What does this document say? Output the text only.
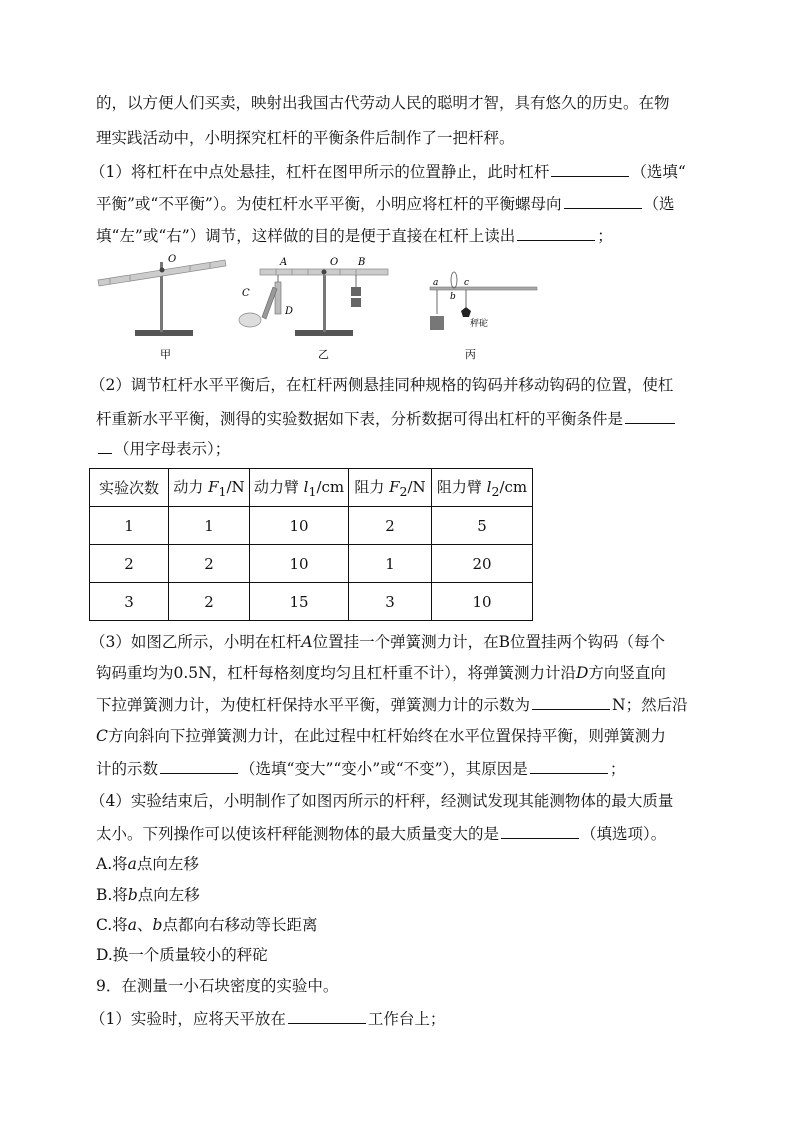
的，以方便人们买卖，映射出我国古代劳动人民的聪明才智，具有悠久的历史。在物
理实践活动中，小明探究杠杆的平衡条件后制作了一把杆秤。
（1）将杠杆在中点处悬挂，杠杆在图甲所示的位置静止，此时杠杆	（选填“
平衡”或“不平衡”）。为使杠杆水平平衡，小明应将杠杆的平衡螺母向	（选
填“左”或“右”）调节，这样做的目的是便于直接在杠杆上读出	；
O
甲
A	O B
C
D
乙
a
b
c
秤砣
丙
（2）调节杠杆水平平衡后，在杠杆两侧悬挂同种规格的钩码并移动钩码的位置，使杠
杆重新水平平衡，测得的实验数据如下表，分析数据可得出杠杆的平衡条件是
（用字母表示）；
实验次数	动力 $F_1/N$	动力臂 $l_1/cm$	阻力 $F_2/N$	阻力臂 $l_2/cm$
1	1	10	2	5
2	2	10	1	20
3	2	15	3	10
（3）如图乙所示，小明在杠杆A位置挂一个弹簧测力计，在B位置挂两个钩码（每个
钩码重均为0.5N，杠杆每格刻度均匀且杠杆重不计），将弹簧测力计沿D方向竖直向
下拉弹簧测力计，为使杠杆保持水平平衡，弹簧测力计的示数为	N；然后沿
C方向斜向下拉弹簧测力计，在此过程中杠杆始终在水平位置保持平衡，则弹簧测力
计的示数	（选填“变大”“变小”或“不变”），其原因是	；
（4）实验结束后，小明制作了如图丙所示的杆秤，经测试发现其能测物体的最大质量
太小。下列操作可以使该杆秤能测物体的最大质量变大的是	（填选项）。
A.将a点向左移
B.将b点向左移
C.将a、b点都向右移动等长距离
D.换一个质量较小的秤砣
9．在测量一小石块密度的实验中。
（1）实验时，应将天平放在	工作台上；
